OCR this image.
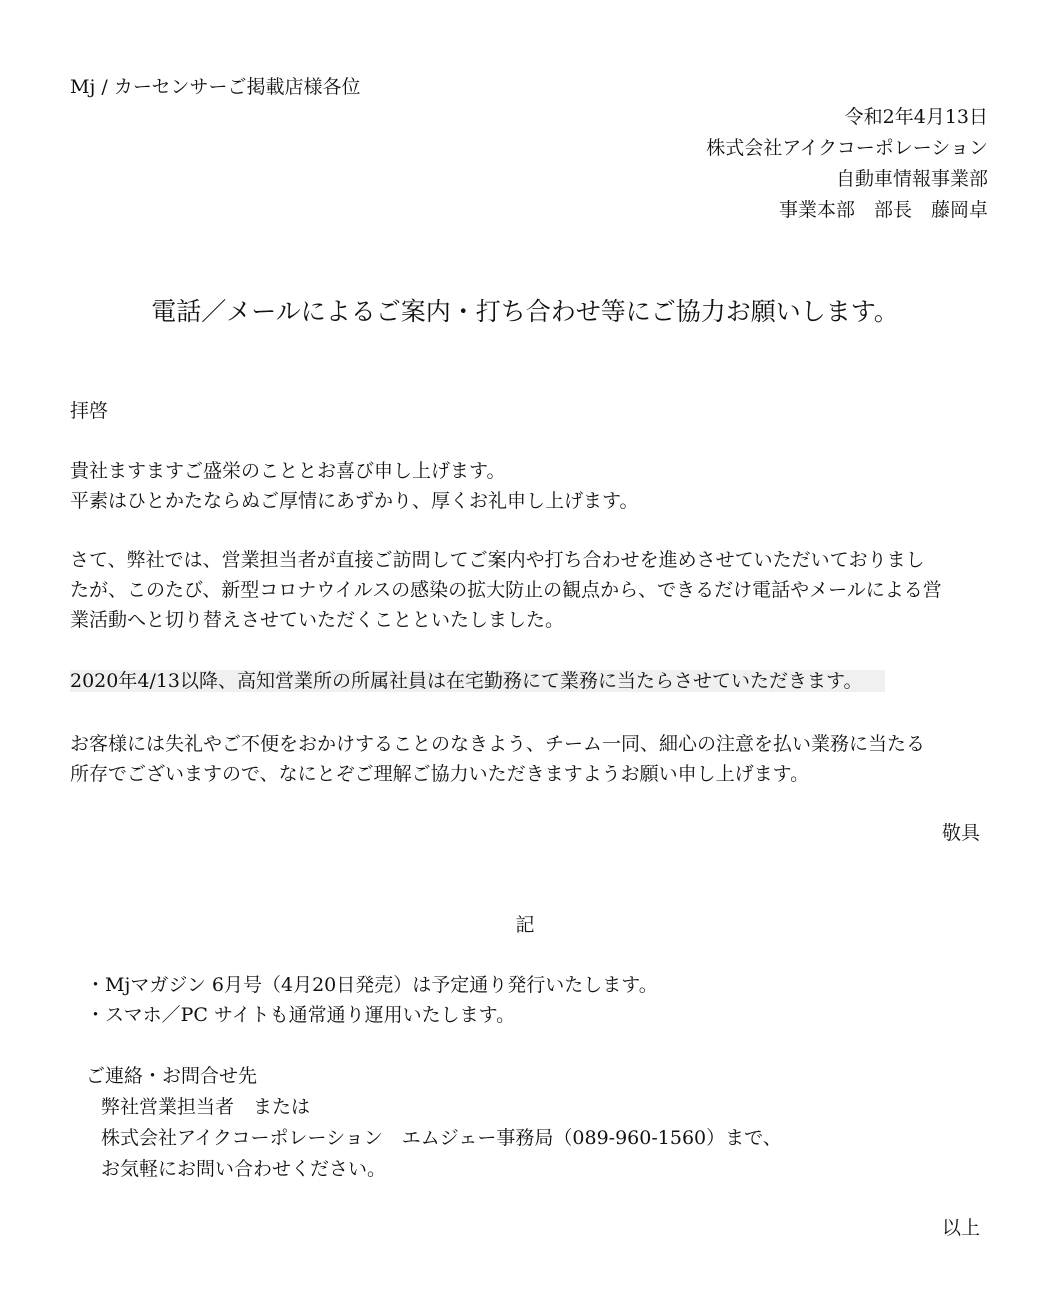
Mj / カーセンサーご掲載店様各位
令和2年4月13日
株式会社アイクコーポレーション
自動車情報事業部
事業本部　部長　藤岡卓
電話／メールによるご案内・打ち合わせ等にご協力お願いします。
拝啓
貴社ますますご盛栄のこととお喜び申し上げます。
平素はひとかたならぬご厚情にあずかり、厚くお礼申し上げます。
さて、弊社では、営業担当者が直接ご訪問してご案内や打ち合わせを進めさせていただいておりまし
たが、このたび、新型コロナウイルスの感染の拡大防止の観点から、できるだけ電話やメールによる営
業活動へと切り替えさせていただくことといたしました。
2020年4/13以降、高知営業所の所属社員は在宅勤務にて業務に当たらさせていただきます。
お客様には失礼やご不便をおかけすることのなきよう、チーム一同、細心の注意を払い業務に当たる
所存でございますので、なにとぞご理解ご協力いただきますようお願い申し上げます。
敬具
記
・Mjマガジン 6月号（4月20日発売）は予定通り発行いたします。
・スマホ／PC サイトも通常通り運用いたします。
ご連絡・お問合せ先
弊社営業担当者　または
株式会社アイクコーポレーション　エムジェー事務局（089-960-1560）まで、
お気軽にお問い合わせください。
以上
